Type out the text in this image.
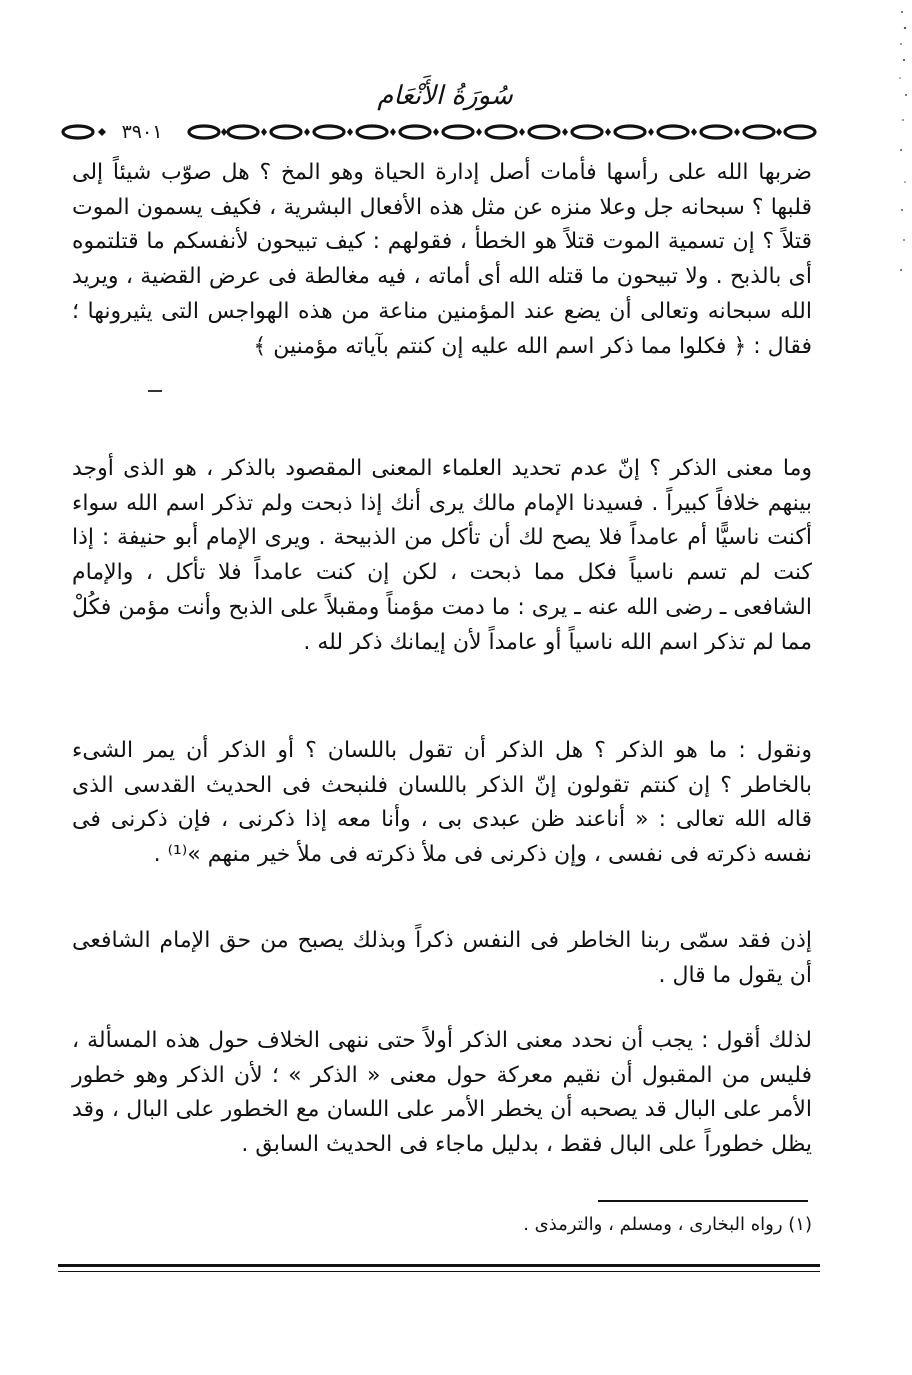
سُورَةُ الأَنْعَام
٣٩٠١

ضربها الله على رأسها فأمات أصل إدارة الحياة وهو المخ ؟ هل صوّب شيئاً إلى قلبها ؟ سبحانه جل وعلا منزه عن مثل هذه الأفعال البشرية ، فكيف يسمون الموت قتلاً ؟ إن تسمية الموت قتلاً هو الخطأ ، فقولهم : كيف تبيحون لأنفسكم ما قتلتموه أى بالذبح . ولا تبيحون ما قتله الله أى أماته ، فيه مغالطة فى عرض القضية ، ويريد الله سبحانه وتعالى أن يضع عند المؤمنين مناعة من هذه الهواجس التى يثيرونها ؛ فقال : ﴿ فكلوا مما ذكر اسم الله عليه إن كنتم بآياته مؤمنين ﴾

وما معنى الذكر ؟ إنّ عدم تحديد العلماء المعنى المقصود بالذكر ، هو الذى أوجد بينهم خلافاً كبيراً . فسيدنا الإمام مالك يرى أنك إذا ذبحت ولم تذكر اسم الله سواء أكنت ناسيًّا أم عامداً فلا يصح لك أن تأكل من الذبيحة . ويرى الإمام أبو حنيفة : إذا كنت لم تسم ناسياً فكل مما ذبحت ، لكن إن كنت عامداً فلا تأكل ، والإمام الشافعى ـ رضى الله عنه ـ يرى : ما دمت مؤمناً ومقبلاً على الذبح وأنت مؤمن فكُلْ مما لم تذكر اسم الله ناسياً أو عامداً لأن إيمانك ذكر لله .

ونقول : ما هو الذكر ؟ هل الذكر أن تقول باللسان ؟ أو الذكر أن يمر الشىء بالخاطر ؟ إن كنتم تقولون إنّ الذكر باللسان فلنبحث فى الحديث القدسى الذى قاله الله تعالى : « أناعند ظن عبدى بى ، وأنا معه إذا ذكرنى ، فإن ذكرنى فى نفسه ذكرته فى نفسى ، وإن ذكرنى فى ملأ ذكرته فى ملأ خير منهم »⁽¹⁾ .

إذن فقد سمّى ربنا الخاطر فى النفس ذكراً وبذلك يصبح من حق الإمام الشافعى أن يقول ما قال .

لذلك أقول : يجب أن نحدد معنى الذكر أولاً حتى ننهى الخلاف حول هذه المسألة ، فليس من المقبول أن نقيم معركة حول معنى « الذكر » ؛ لأن الذكر وهو خطور الأمر على البال قد يصحبه أن يخطر الأمر على اللسان مع الخطور على البال ، وقد يظل خطوراً على البال فقط ، بدليل ماجاء فى الحديث السابق .

(١) رواه البخارى ، ومسلم ، والترمذى .
